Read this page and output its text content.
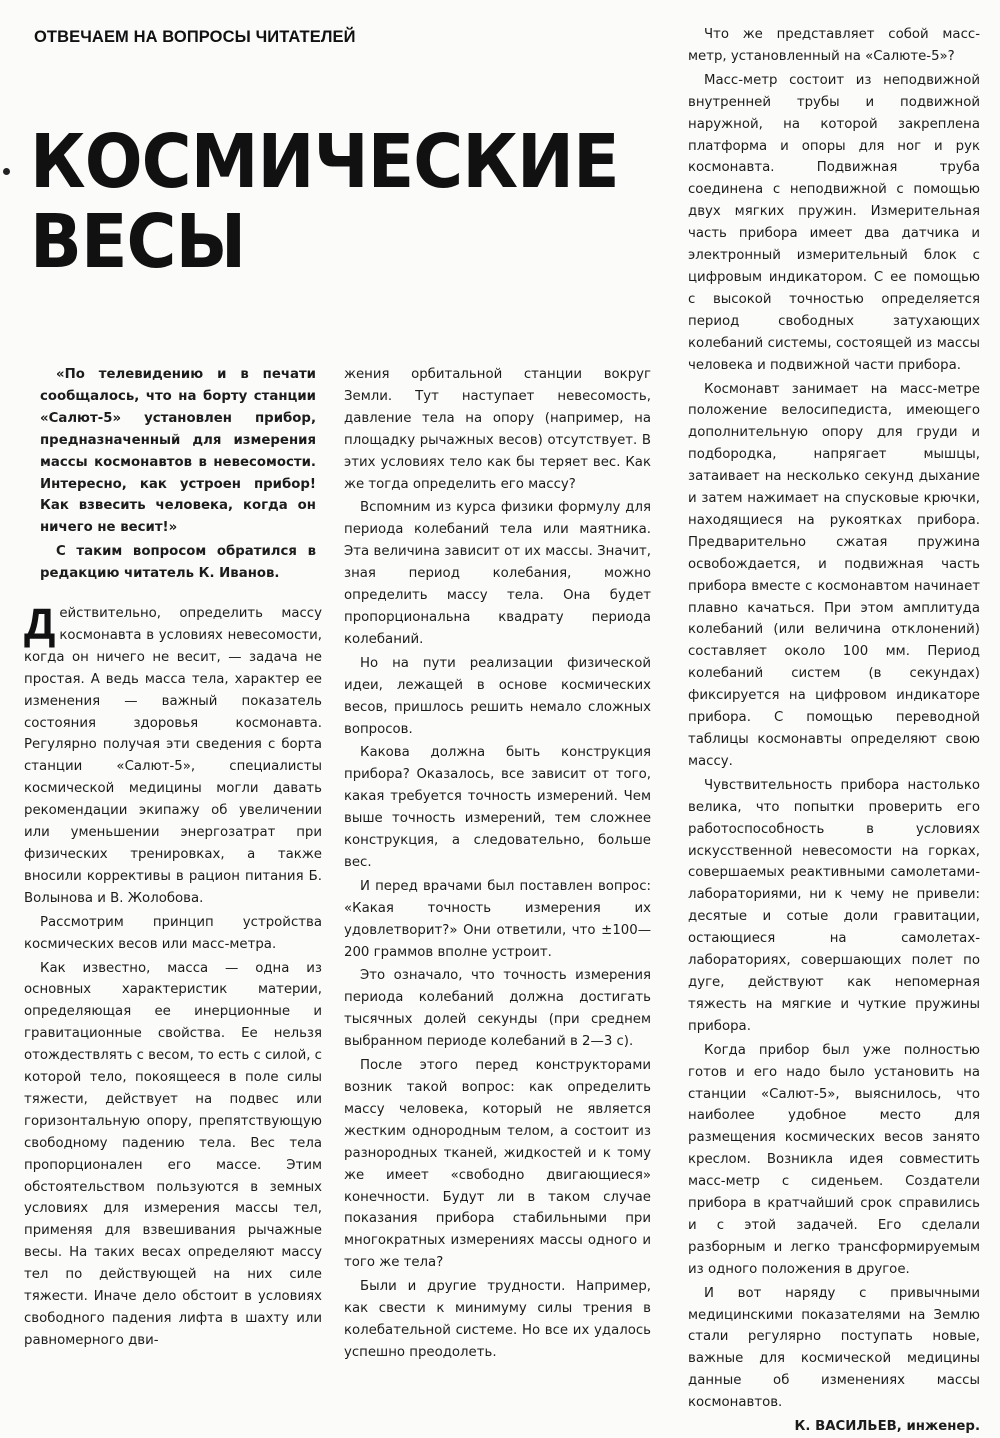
ОТВЕЧАЕМ НА ВОПРОСЫ ЧИТАТЕЛЕЙ
КОСМИЧЕСКИЕ
ВЕСЫ

«По телевидению и в печати сообщалось, что на борту станции «Салют-5» установлен прибор, предназначенный для измерения массы космонавтов в невесомости. Интересно, как устроен прибор! Как взвесить человека, когда он ничего не весит!»

С таким вопросом обратился в редакцию читатель К. Иванов.

Действительно, определить массу космонавта в условиях невесомости, когда он ничего не весит, — задача не простая. А ведь масса тела, характер ее изменения — важный показатель состояния здоровья космонавта. Регулярно получая эти сведения с борта станции «Салют-5», специалисты космической медицины могли давать рекомендации экипажу об увеличении или уменьшении энергозатрат при физических тренировках, а также вносили коррективы в рацион питания Б. Волынова и В. Жолобова.

Рассмотрим принцип устройства космических весов или масс-метра.

Как известно, масса — одна из основных характеристик материи, определяющая ее инерционные и гравитационные свойства. Ее нельзя отождествлять с весом, то есть с силой, с которой тело, покоящееся в поле силы тяжести, действует на подвес или горизонтальную опору, препятствующую свободному падению тела. Вес тела пропорционален его массе. Этим обстоятельством пользуются в земных условиях для измерения массы тел, применяя для взвешивания рычажные весы. На таких весах определяют массу тел по действующей на них силе тяжести. Иначе дело обстоит в условиях свободного падения лифта в шахту или равномерного дви-

жения орбитальной станции вокруг Земли. Тут наступает невесомость, давление тела на опору (например, на площадку рычажных весов) отсутствует. В этих условиях тело как бы теряет вес. Как же тогда определить его массу?

Вспомним из курса физики формулу для периода колебаний тела или маятника. Эта величина зависит от их массы. Значит, зная период колебания, можно определить массу тела. Она будет пропорциональна квадрату периода колебаний.

Но на пути реализации физической идеи, лежащей в основе космических весов, пришлось решить немало сложных вопросов.

Какова должна быть конструкция прибора? Оказалось, все зависит от того, какая требуется точность измерений. Чем выше точность измерений, тем сложнее конструкция, а следовательно, больше вес.

И перед врачами был поставлен вопрос: «Какая точность измерения их удовлетворит?» Они ответили, что ±100—200 граммов вполне устроит.

Это означало, что точность измерения периода колебаний должна достигать тысячных долей секунды (при среднем выбранном периоде колебаний в 2—3 с).

После этого перед конструкторами возник такой вопрос: как определить массу человека, который не является жестким однородным телом, а состоит из разнородных тканей, жидкостей и к тому же имеет «свободно двигающиеся» конечности. Будут ли в таком случае показания прибора стабильными при многократных измерениях массы одного и того же тела?

Были и другие трудности. Например, как свести к минимуму силы трения в колебательной системе. Но все их удалось успешно преодолеть.

Что же представляет собой масс-метр, установленный на «Салюте-5»?

Масс-метр состоит из неподвижной внутренней трубы и подвижной наружной, на которой закреплена платформа и опоры для ног и рук космонавта. Подвижная труба соединена с неподвижной с помощью двух мягких пружин. Измерительная часть прибора имеет два датчика и электронный измерительный блок с цифровым индикатором. С ее помощью с высокой точностью определяется период свободных затухающих колебаний системы, состоящей из массы человека и подвижной части прибора.

Космонавт занимает на масс-метре положение велосипедиста, имеющего дополнительную опору для груди и подбородка, напрягает мышцы, затаивает на несколько секунд дыхание и затем нажимает на спусковые крючки, находящиеся на рукоятках прибора. Предварительно сжатая пружина освобождается, и подвижная часть прибора вместе с космонавтом начинает плавно качаться. При этом амплитуда колебаний (или величина отклонений) составляет около 100 мм. Период колебаний систем (в секундах) фиксируется на цифровом индикаторе прибора. С помощью переводной таблицы космонавты определяют свою массу.

Чувствительность прибора настолько велика, что попытки проверить его работоспособность в условиях искусственной невесомости на горках, совершаемых реактивными самолетами-лабораториями, ни к чему не привели: десятые и сотые доли гравитации, остающиеся на самолетах-лабораториях, совершающих полет по дуге, действуют как непомерная тяжесть на мягкие и чуткие пружины прибора.

Когда прибор был уже полностью готов и его надо было установить на станции «Салют-5», выяснилось, что наиболее удобное место для размещения космических весов занято креслом. Возникла идея совместить масс-метр с сиденьем. Создатели прибора в кратчайший срок справились и с этой задачей. Его сделали разборным и легко трансформируемым из одного положения в другое.

И вот наряду с привычными медицинскими показателями на Землю стали регулярно поступать новые, важные для космической медицины данные об изменениях массы космонавтов.

К. ВАСИЛЬЕВ, инженер.
